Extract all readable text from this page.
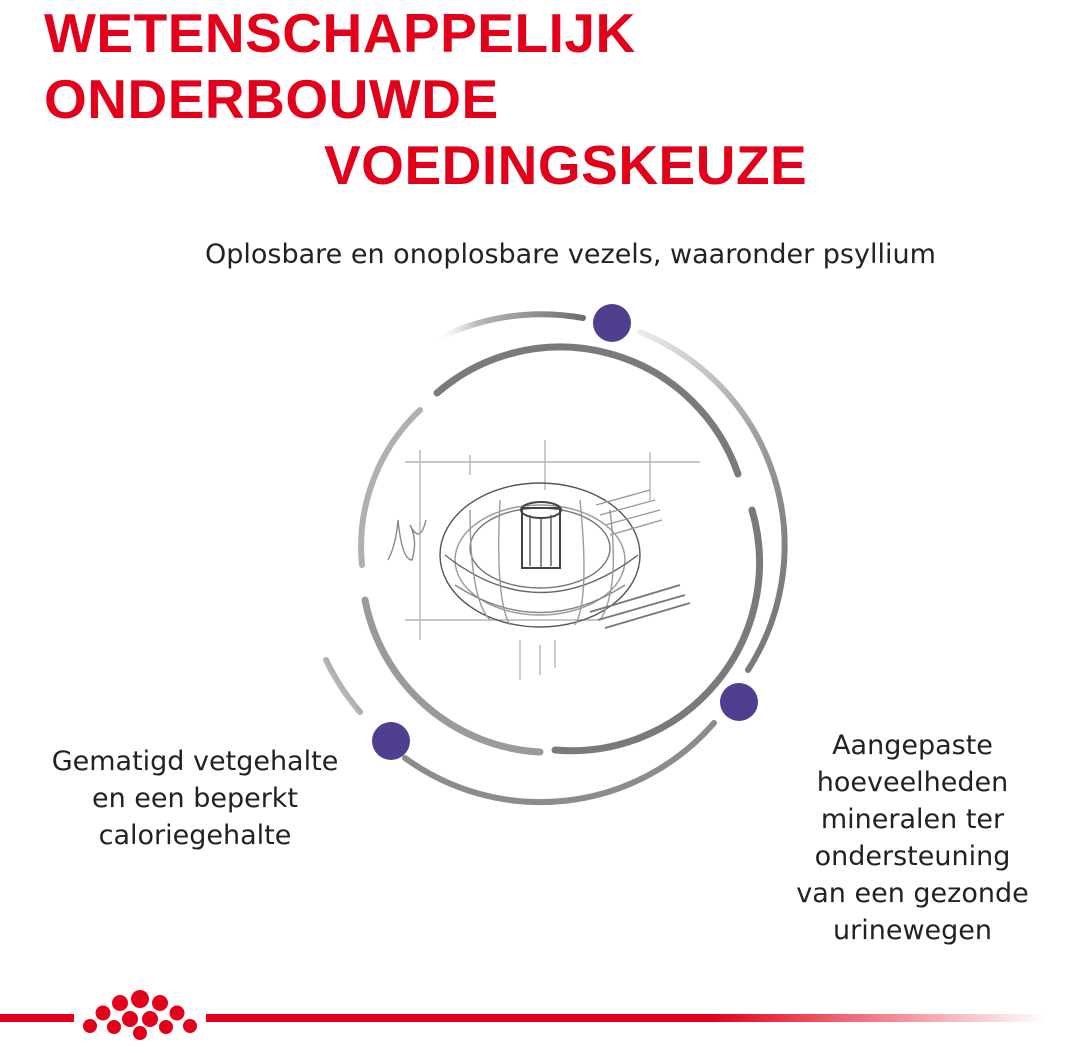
WETENSCHAPPELIJK ONDERBOUWDE
VOEDINGSKEUZE
Oplosbare en onoplosbare vezels, waaronder psyllium
Gematigd vetgehalte
en een beperkt
caloriegehalte
Aangepaste
hoeveelheden
mineralen ter
ondersteuning
van een gezonde
urinewegen
